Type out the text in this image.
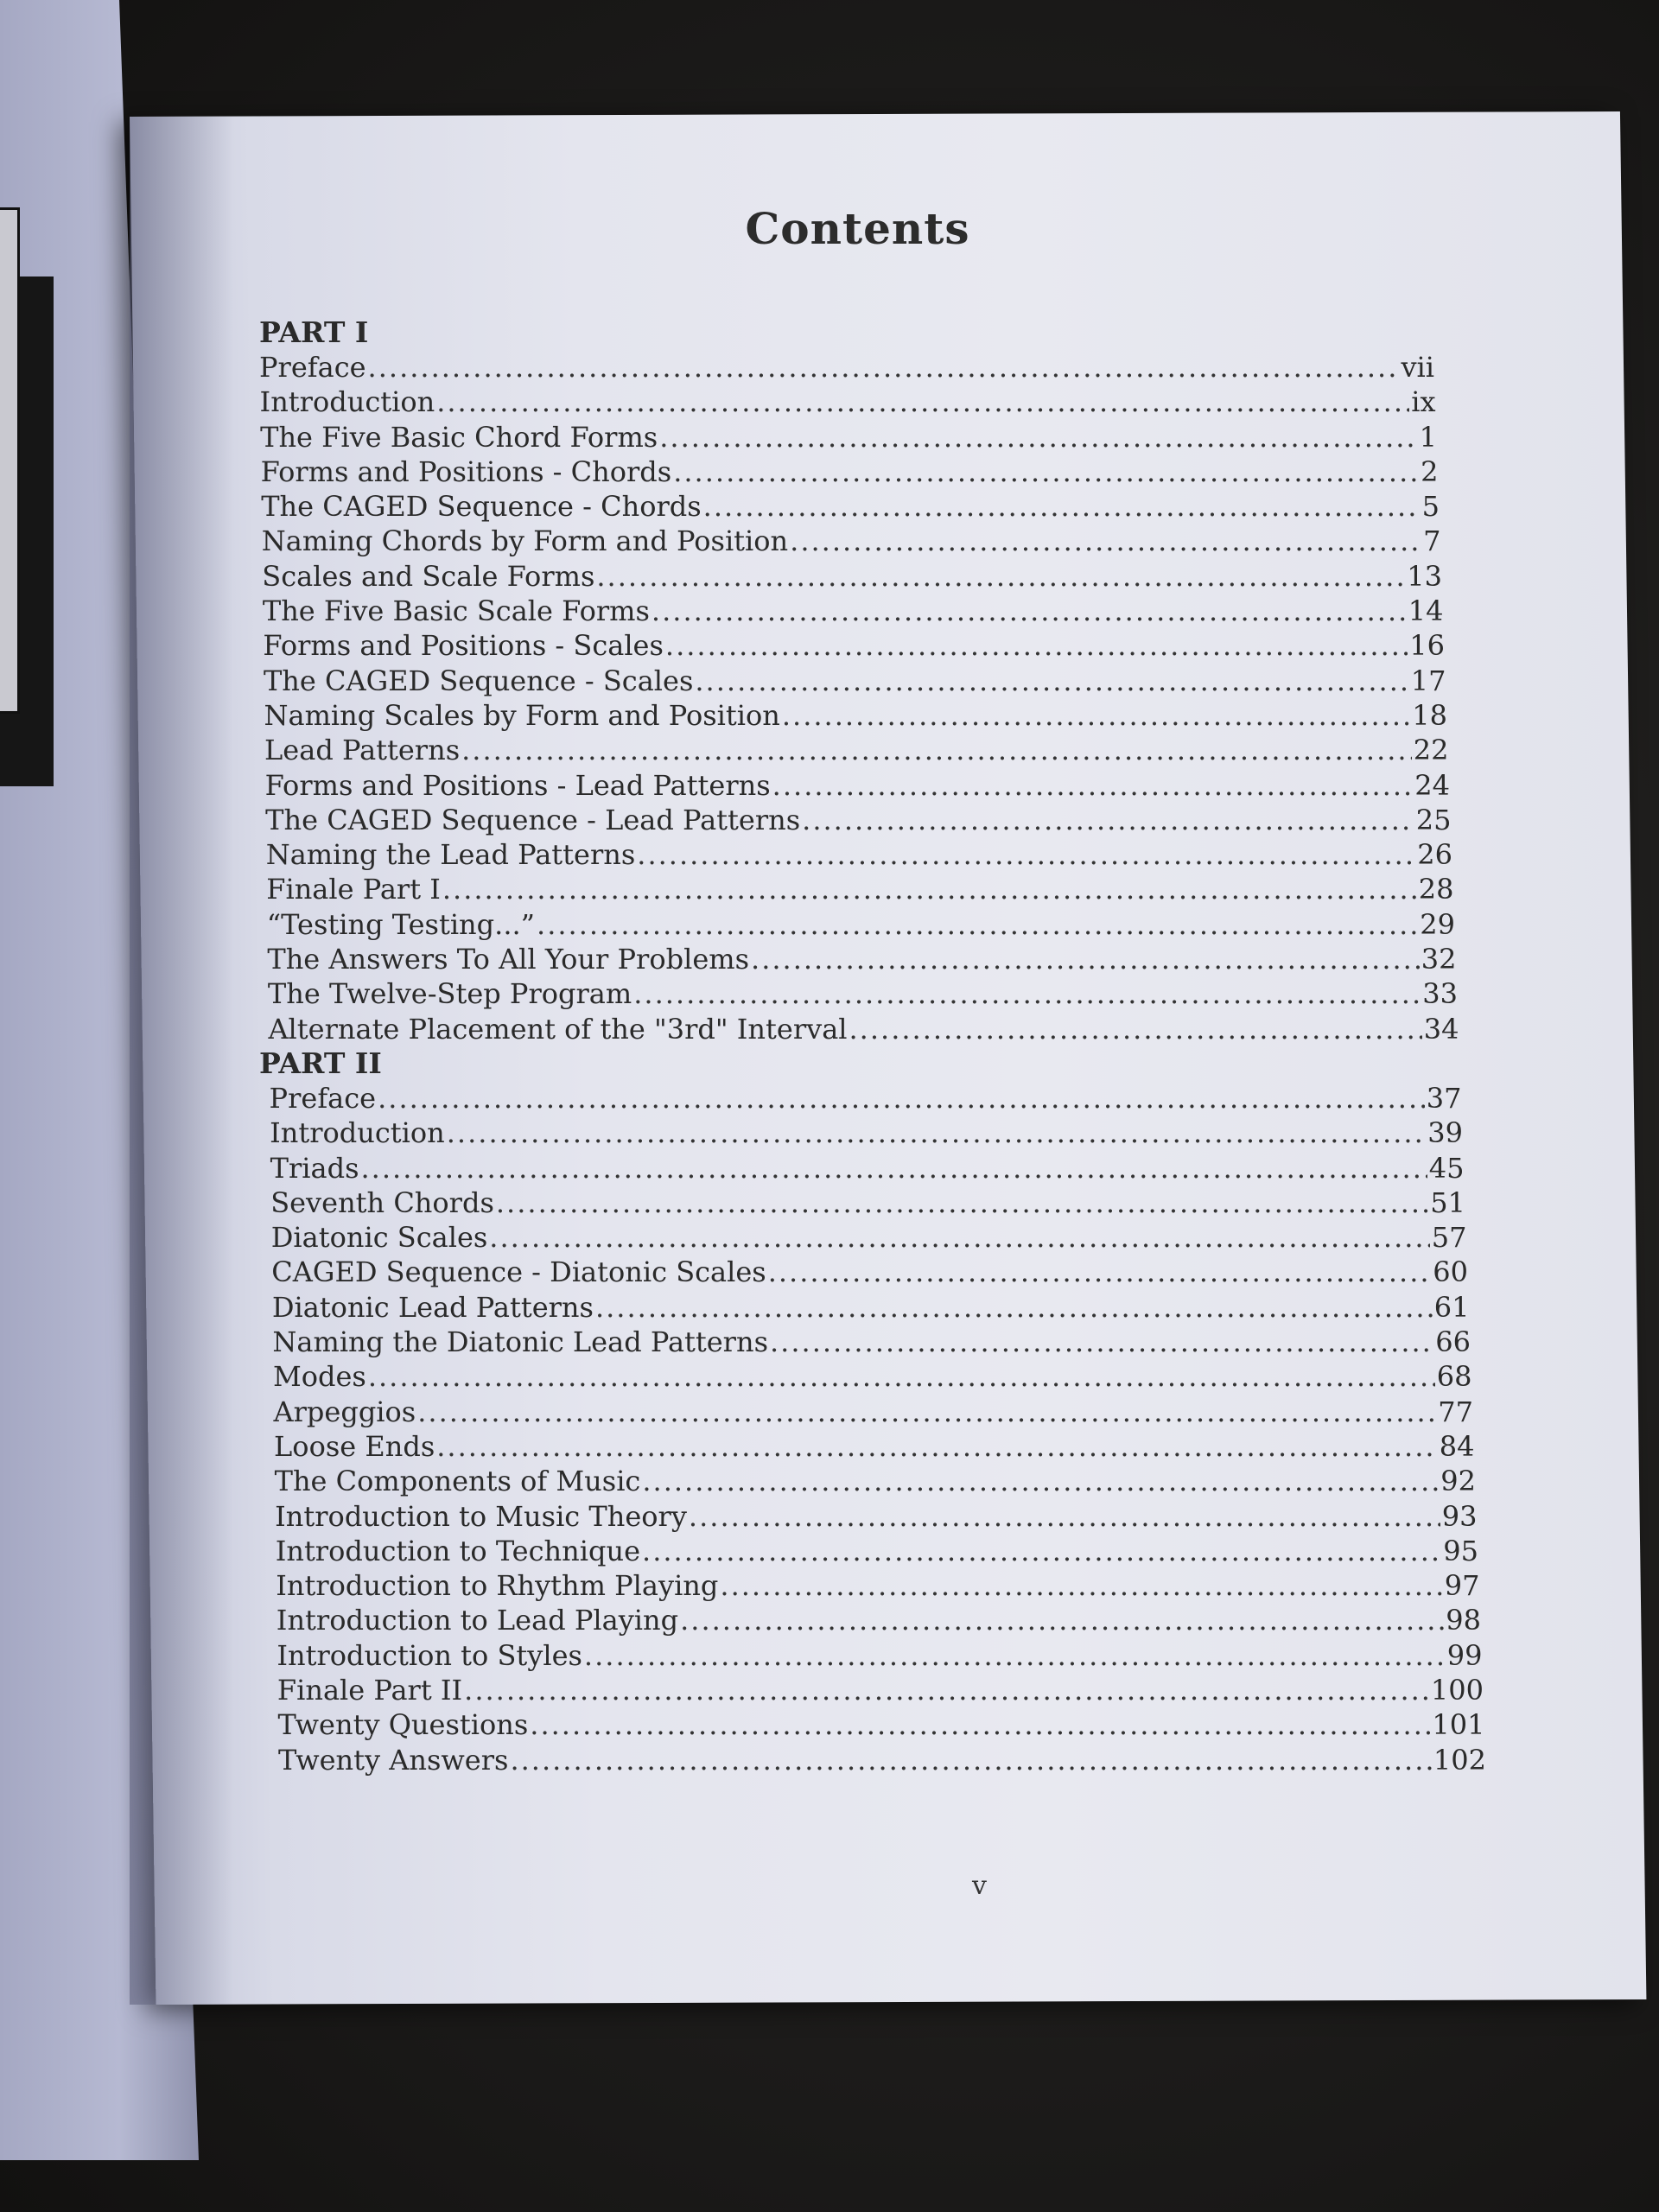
Contents
PART I
Preface .....	vii
Introduction .....	ix
The Five Basic Chord Forms .....	1
Forms and Positions - Chords .....	2
The CAGED Sequence - Chords .....	5
Naming Chords by Form and Position .....	7
Scales and Scale Forms .....	13
The Five Basic Scale Forms .....	14
Forms and Positions - Scales .....	16
The CAGED Sequence - Scales .....	17
Naming Scales by Form and Position .....	18
Lead Patterns .....	22
Forms and Positions - Lead Patterns .....	24
The CAGED Sequence - Lead Patterns .....	25
Naming the Lead Patterns .....	26
Finale Part I .....	28
“Testing Testing...” .....	29
The Answers To All Your Problems .....	32
The Twelve-Step Program .....	33
Alternate Placement of the "3rd" Interval .....	34
PART II
Preface .....	37
Introduction .....	39
Triads .....	45
Seventh Chords .....	51
Diatonic Scales .....	57
CAGED Sequence - Diatonic Scales .....	60
Diatonic Lead Patterns .....	61
Naming the Diatonic Lead Patterns .....	66
Modes .....	68
Arpeggios .....	77
Loose Ends .....	84
The Components of Music .....	92
Introduction to Music Theory .....	93
Introduction to Technique .....	95
Introduction to Rhythm Playing .....	97
Introduction to Lead Playing .....	98
Introduction to Styles .....	99
Finale Part II .....	100
Twenty Questions .....	101
Twenty Answers .....	102
v
